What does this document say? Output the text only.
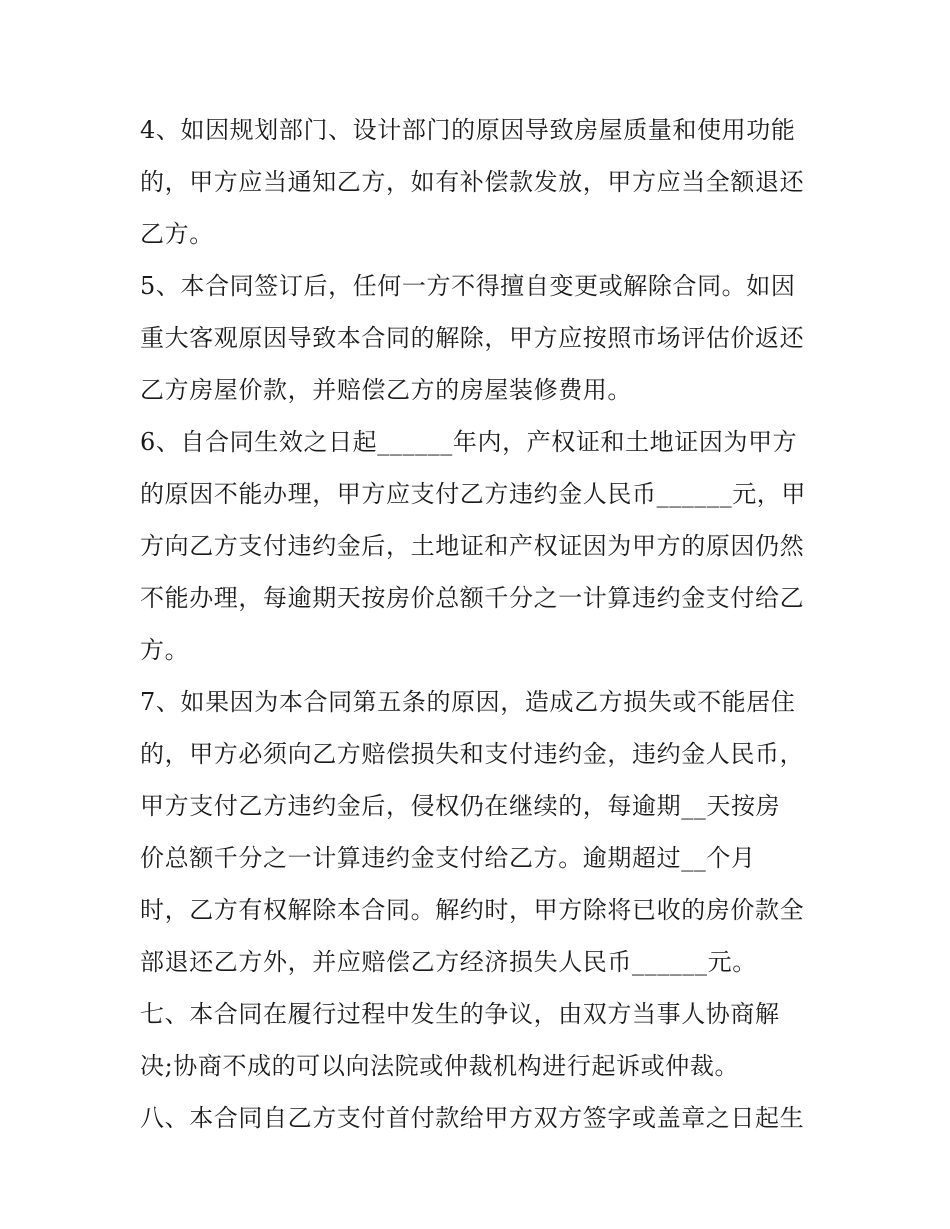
4、如因规划部门、设计部门的原因导致房屋质量和使用功能
的，甲方应当通知乙方，如有补偿款发放，甲方应当全额退还
乙方。
5、本合同签订后，任何一方不得擅自变更或解除合同。如因
重大客观原因导致本合同的解除，甲方应按照市场评估价返还
乙方房屋价款，并赔偿乙方的房屋装修费用。
6、自合同生效之日起______年内，产权证和土地证因为甲方
的原因不能办理，甲方应支付乙方违约金人民币______元，甲
方向乙方支付违约金后，土地证和产权证因为甲方的原因仍然
不能办理，每逾期天按房价总额千分之一计算违约金支付给乙
方。
7、如果因为本合同第五条的原因，造成乙方损失或不能居住
的，甲方必须向乙方赔偿损失和支付违约金，违约金人民币，
甲方支付乙方违约金后，侵权仍在继续的，每逾期__天按房
价总额千分之一计算违约金支付给乙方。逾期超过__个月
时，乙方有权解除本合同。解约时，甲方除将已收的房价款全
部退还乙方外，并应赔偿乙方经济损失人民币______元。
七、本合同在履行过程中发生的争议，由双方当事人协商解
决;协商不成的可以向法院或仲裁机构进行起诉或仲裁。
八、本合同自乙方支付首付款给甲方双方签字或盖章之日起生
